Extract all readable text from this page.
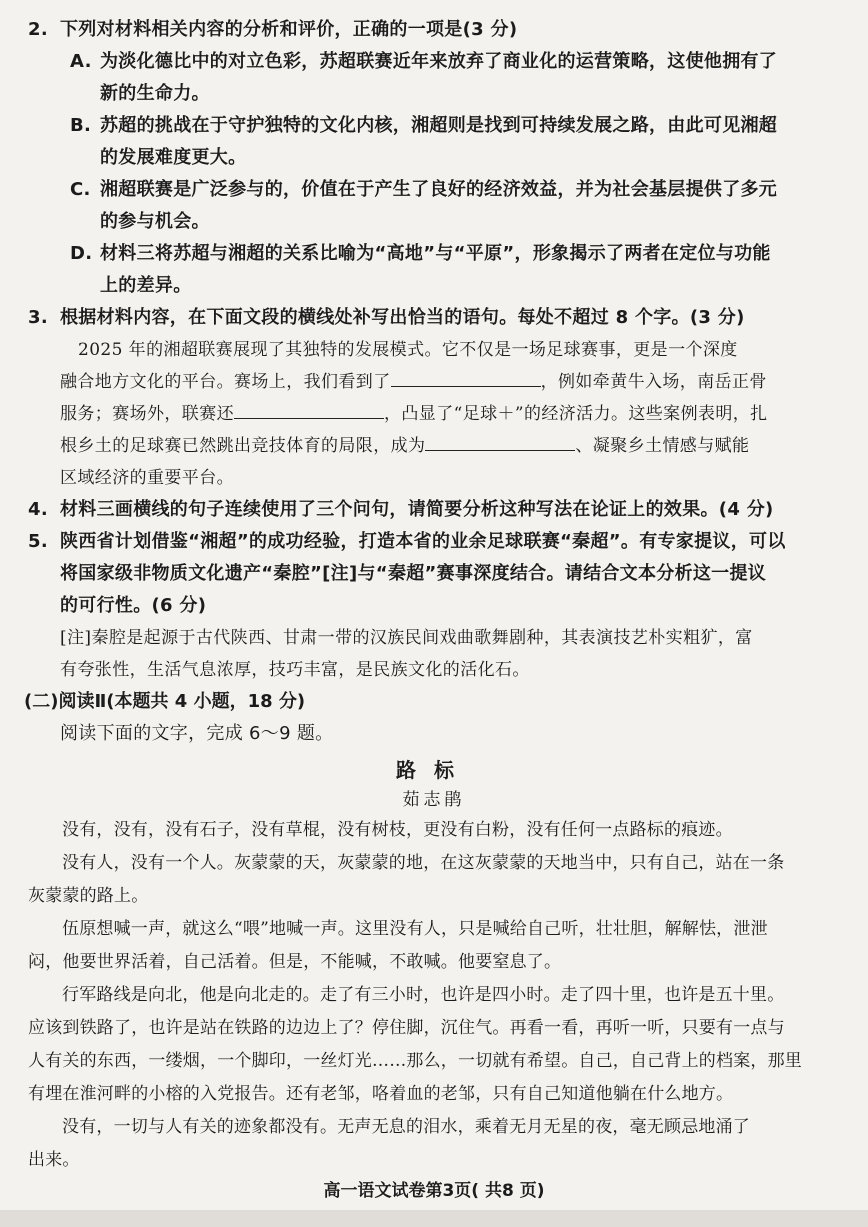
2. 下列对材料相关内容的分析和评价，正确的一项是(3 分)
A. 为淡化德比中的对立色彩，苏超联赛近年来放弃了商业化的运营策略，这使他拥有了
新的生命力。
B. 苏超的挑战在于守护独特的文化内核，湘超则是找到可持续发展之路，由此可见湘超
的发展难度更大。
C. 湘超联赛是广泛参与的，价值在于产生了良好的经济效益，并为社会基层提供了多元
的参与机会。
D. 材料三将苏超与湘超的关系比喻为“高地”与“平原”，形象揭示了两者在定位与功能
上的差异。
3. 根据材料内容，在下面文段的横线处补写出恰当的语句。每处不超过 8 个字。(3 分)
2025 年的湘超联赛展现了其独特的发展模式。它不仅是一场足球赛事，更是一个深度
融合地方文化的平台。赛场上，我们看到了	，例如牵黄牛入场，南岳正骨
服务；赛场外，联赛还	，凸显了“足球＋”的经济活力。这些案例表明，扎
根乡土的足球赛已然跳出竞技体育的局限，成为	、凝聚乡土情感与赋能
区域经济的重要平台。
4. 材料三画横线的句子连续使用了三个问句，请简要分析这种写法在论证上的效果。(4 分)
5. 陕西省计划借鉴“湘超”的成功经验，打造本省的业余足球联赛“秦超”。有专家提议，可以
将国家级非物质文化遗产“秦腔”[注]与“秦超”赛事深度结合。请结合文本分析这一提议
的可行性。(6 分)
[注]秦腔是起源于古代陕西、甘肃一带的汉族民间戏曲歌舞剧种，其表演技艺朴实粗犷，富
有夸张性，生活气息浓厚，技巧丰富，是民族文化的活化石。
(二)阅读Ⅱ(本题共 4 小题，18 分)
阅读下面的文字，完成 6～9 题。
路标
茹志鹃
没有，没有，没有石子，没有草棍，没有树枝，更没有白粉，没有任何一点路标的痕迹。
没有人，没有一个人。灰蒙蒙的天，灰蒙蒙的地，在这灰蒙蒙的天地当中，只有自己，站在一条
灰蒙蒙的路上。
伍原想喊一声，就这么“喂”地喊一声。这里没有人，只是喊给自己听，壮壮胆，解解怯，泄泄
闷，他要世界活着，自己活着。但是，不能喊，不敢喊。他要窒息了。
行军路线是向北，他是向北走的。走了有三小时，也许是四小时。走了四十里，也许是五十里。
应该到铁路了，也许是站在铁路的边边上了？停住脚，沉住气。再看一看，再听一听，只要有一点与
人有关的东西，一缕烟，一个脚印，一丝灯光……那么，一切就有希望。自己，自己背上的档案，那里
有埋在淮河畔的小榕的入党报告。还有老邹，咯着血的老邹，只有自己知道他躺在什么地方。
没有，一切与人有关的迹象都没有。无声无息的泪水，乘着无月无星的夜，毫无顾忌地涌了
出来。
高一语文试卷第3页( 共8 页)
